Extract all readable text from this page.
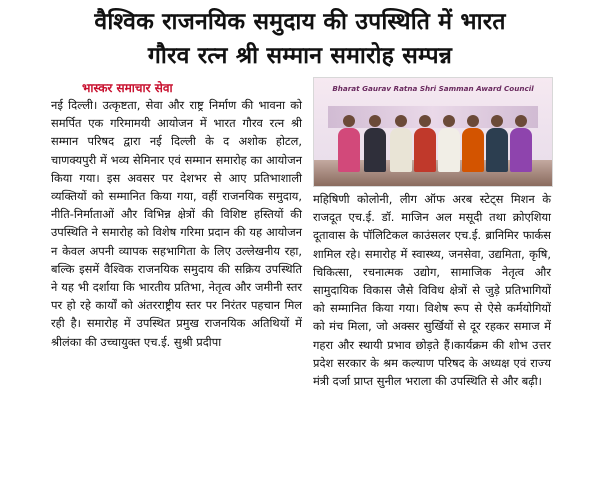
वैश्विक राजनयिक समुदाय की उपस्थिति में भारत
गौरव रत्न श्री सम्मान समारोह सम्पन्न
भास्कर समाचार सेवा
नई दिल्ली। उत्कृष्टता, सेवा और राष्ट्र निर्माण की भावना को समर्पित एक गरिमामयी आयोजन में भारत गौरव रत्न श्री सम्मान परिषद द्वारा नई दिल्ली के द अशोक होटल, चाणक्यपुरी में भव्य सेमिनार एवं सम्मान समारोह का आयोजन किया गया। इस अवसर पर देशभर से आए प्रतिभाशाली व्यक्तियों को सम्मानित किया गया, वहीं राजनयिक समुदाय, नीति-निर्माताओं और विभिन्न क्षेत्रों की विशिष्ट हस्तियों की उपस्थिति ने समारोह को विशेष गरिमा प्रदान की यह आयोजन न केवल अपनी व्यापक सहभागिता के लिए उल्लेखनीय रहा, बल्कि इसमें वैश्विक राजनयिक समुदाय की सक्रिय उपस्थिति ने यह भी दर्शाया कि भारतीय प्रतिभा, नेतृत्व और जमीनी स्तर पर हो रहे कार्यों को अंतरराष्ट्रीय स्तर पर निरंतर पहचान मिल रही है। समारोह में उपस्थित प्रमुख राजनयिक अतिथियों में श्रीलंका की उच्चायुक्त एच.ई. सुश्री प्रदीपा
Bharat Gaurav Ratna Shri Samman Award Council
महिषिणी कोलोनी, लीग ऑफ अरब स्टेट्स मिशन के राजदूत एच.ई. डॉ. माजिन अल मसूदी तथा क्रोएशिया दूतावास के पॉलिटिकल काउंसलर एच.ई. ब्रानिमिर फार्कस शामिल रहे। समारोह में स्वास्थ्य, जनसेवा, उद्यमिता, कृषि, चिकित्सा, रचनात्मक उद्योग, सामाजिक नेतृत्व और सामुदायिक विकास जैसे विविध क्षेत्रों से जुड़े प्रतिभागियों को सम्मानित किया गया। विशेष रूप से ऐसे कर्मयोगियों को मंच मिला, जो अक्सर सुर्खियों से दूर रहकर समाज में गहरा और स्थायी प्रभाव छोड़ते हैं।कार्यक्रम की शोभ उत्तर प्रदेश सरकार के श्रम कल्याण परिषद के अध्यक्ष एवं राज्य मंत्री दर्जा प्राप्त सुनील भराला की उपस्थिति से और बढ़ी।
